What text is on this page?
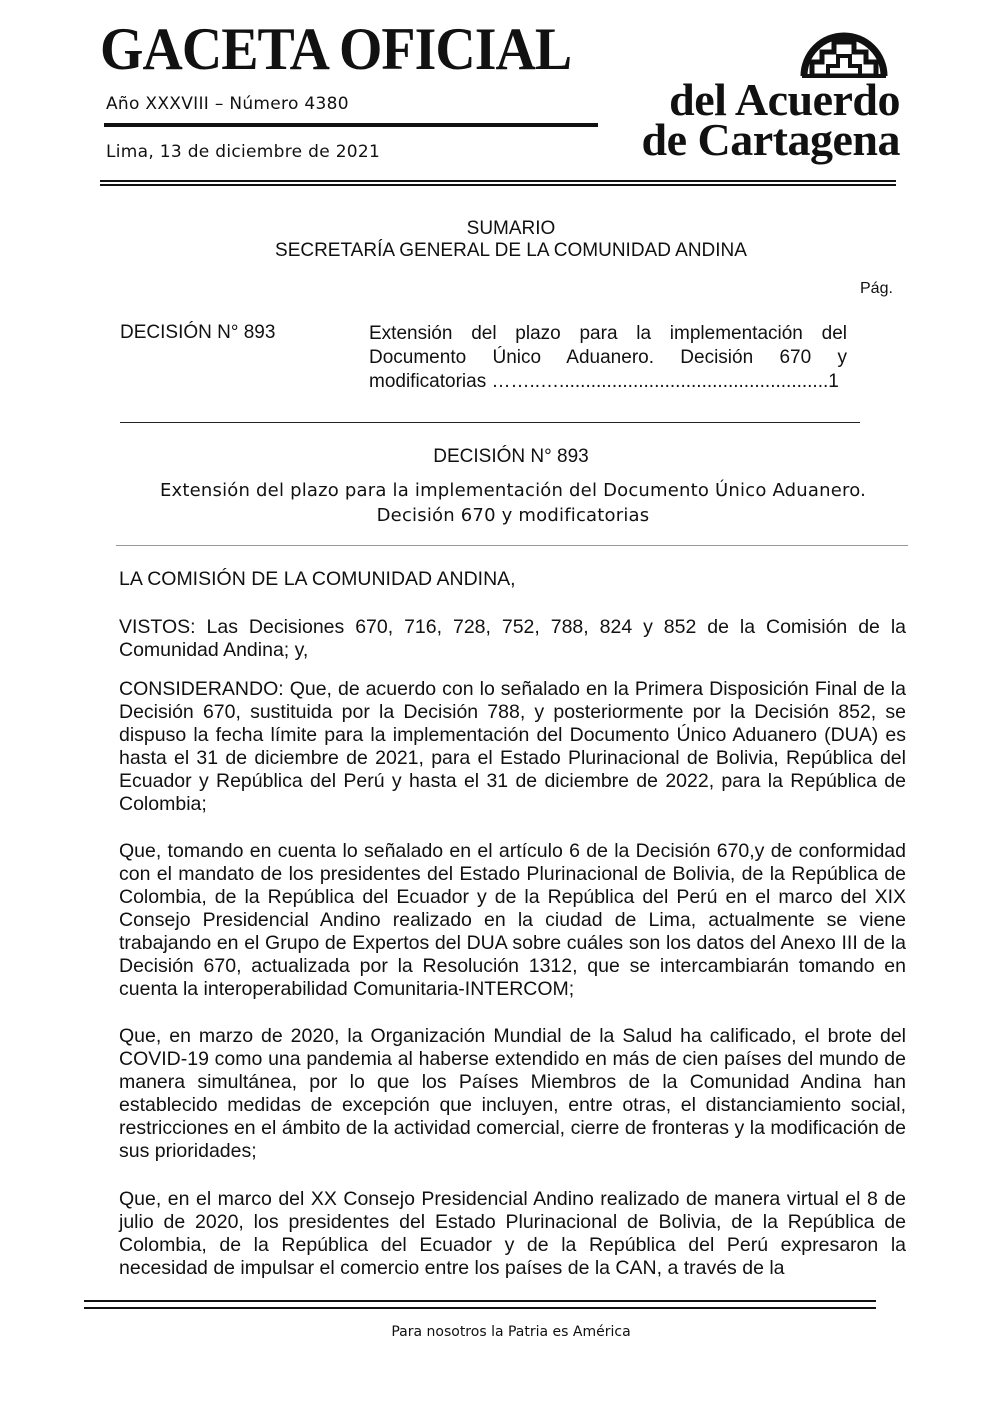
GACETA OFICIAL
Año XXXVIII – Número 4380
Lima, 13 de diciembre de 2021
del Acuerdo
de Cartagena
SUMARIO
SECRETARÍA GENERAL DE LA COMUNIDAD ANDINA
Pág.
DECISIÓN N° 893	Extensión del plazo para la implementación del Documento Único Aduanero. Decisión 670 y modificatorias ……..…...................................................1
DECISIÓN N° 893
Extensión del plazo para la implementación del Documento Único Aduanero.
Decisión 670 y modificatorias
LA COMISIÓN DE LA COMUNIDAD ANDINA,
VISTOS: Las Decisiones 670, 716, 728, 752, 788, 824 y 852 de la Comisión de la Comunidad Andina; y,
CONSIDERANDO: Que, de acuerdo con lo señalado en la Primera Disposición Final de la Decisión 670, sustituida por la Decisión 788, y posteriormente por la Decisión 852, se dispuso la fecha límite para la implementación del Documento Único Aduanero (DUA) es hasta el 31 de diciembre de 2021, para el Estado Plurinacional de Bolivia, República del Ecuador y República del Perú y hasta el 31 de diciembre de 2022, para la República de Colombia;
Que, tomando en cuenta lo señalado en el artículo 6 de la Decisión 670,y de conformidad con el mandato de los presidentes del Estado Plurinacional de Bolivia, de la República de Colombia, de la República del Ecuador y de la República del Perú en el marco del XIX Consejo Presidencial Andino realizado en la ciudad de Lima, actualmente se viene trabajando en el Grupo de Expertos del DUA sobre cuáles son los datos del Anexo III de la Decisión 670, actualizada por la Resolución 1312, que se intercambiarán tomando en cuenta la interoperabilidad Comunitaria-INTERCOM;
Que, en marzo de 2020, la Organización Mundial de la Salud ha calificado, el brote del COVID-19 como una pandemia al haberse extendido en más de cien países del mundo de manera simultánea, por lo que los Países Miembros de la Comunidad Andina han establecido medidas de excepción que incluyen, entre otras, el distanciamiento social, restricciones en el ámbito de la actividad comercial, cierre de fronteras y la modificación de sus prioridades;
Que, en el marco del XX Consejo Presidencial Andino realizado de manera virtual el 8 de julio de 2020, los presidentes del Estado Plurinacional de Bolivia, de la República de Colombia, de la República del Ecuador y de la República del Perú expresaron la necesidad de impulsar el comercio entre los países de la CAN, a través de la
Para nosotros la Patria es América
